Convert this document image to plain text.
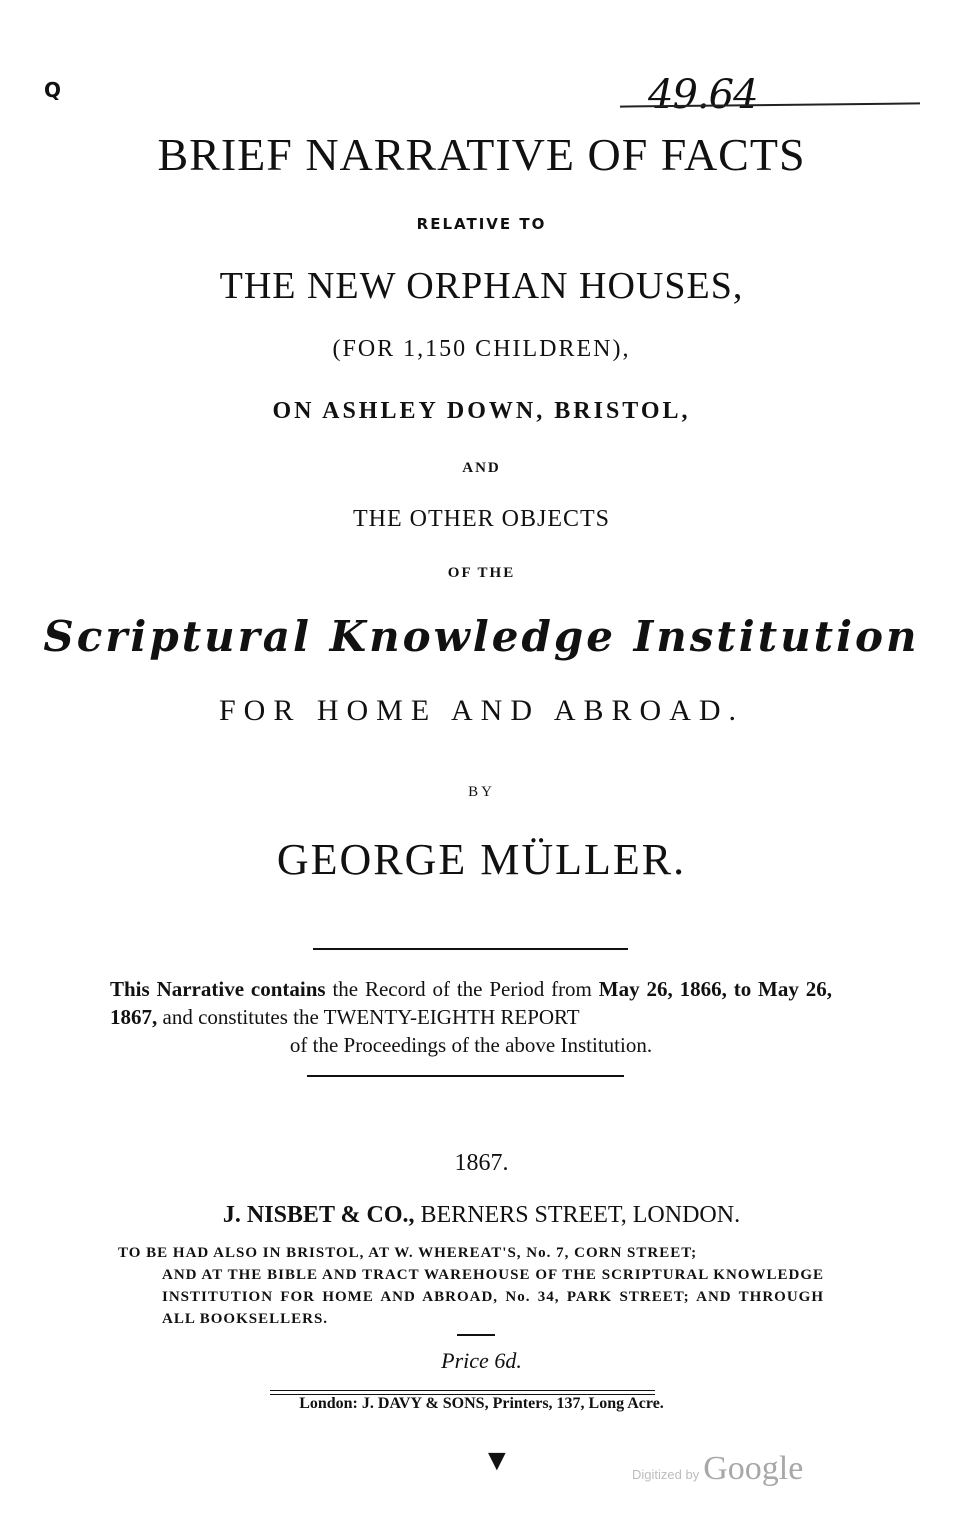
Q	49.64
BRIEF NARRATIVE OF FACTS
RELATIVE TO
THE NEW ORPHAN HOUSES,
(FOR 1,150 CHILDREN),
ON ASHLEY DOWN, BRISTOL,
AND
THE OTHER OBJECTS
OF THE
Scriptural Knowledge Institution
FOR HOME AND ABROAD.
BY
GEORGE MÜLLER.
This Narrative contains the Record of the Period from May 26, 1866, to May 26, 1867, and constitutes the TWENTY-EIGHTH REPORT
of the Proceedings of the above Institution.
1867.
J. NISBET & CO., BERNERS STREET, LONDON.
TO BE HAD ALSO IN BRISTOL, AT W. WHEREAT'S, No. 7, CORN STREET;
AND AT THE BIBLE AND TRACT WAREHOUSE OF THE SCRIPTURAL KNOWLEDGE INSTITUTION FOR HOME AND ABROAD, No. 34, PARK STREET; AND THROUGH ALL BOOKSELLERS.
Price 6d.
London: J. DAVY & SONS, Printers, 137, Long Acre.
▼	Digitized by Google
